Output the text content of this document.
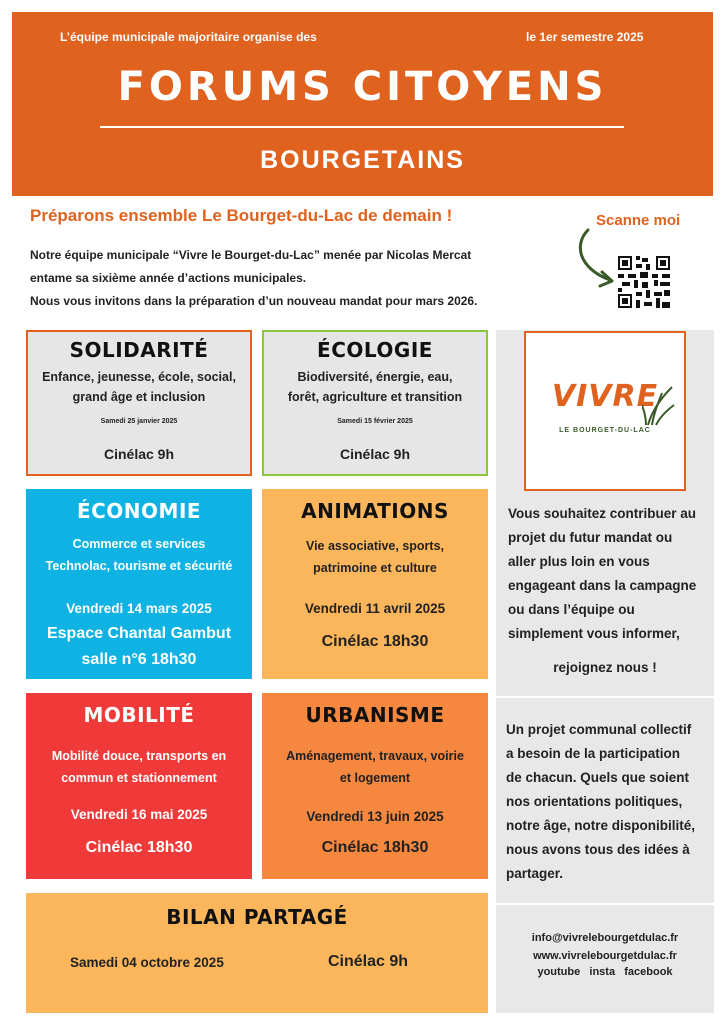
L’équipe municipale majoritaire organise des	le 1er semestre 2025
FORUMS CITOYENS
BOURGETAINS
Préparons ensemble Le Bourget-du-Lac de demain !
Notre équipe municipale “Vivre le Bourget-du-Lac” menée par Nicolas Mercat
entame sa sixième année d’actions municipales.
Nous vous invitons dans la préparation d’un nouveau mandat pour mars 2026.
Scanne moi
VIVRE
LE BOURGET-DU-LAC
Vous souhaitez contribuer au
projet du futur mandat ou
aller plus loin en vous
engageant dans la campagne
ou dans l’équipe ou
simplement vous informer,
rejoignez nous !
Un projet communal collectif
a besoin de la participation
de chacun. Quels que soient
nos orientations politiques,
notre âge, notre disponibilité,
nous avons tous des idées à
partager.
info@vivrelebourgetdulac.fr
www.vivrelebourgetdulac.fr
youtube   insta   facebook
SOLIDARITÉ
Enfance, jeunesse, école, social,
grand âge et inclusion
Samedi 25 janvier 2025
Cinélac 9h
ÉCOLOGIE
Biodiversité, énergie, eau,
forêt, agriculture et transition
Samedi 15 février 2025
Cinélac 9h
ÉCONOMIE
Commerce et services
Technolac, tourisme et sécurité
Vendredi 14 mars 2025
Espace Chantal Gambut
salle n°6 18h30
ANIMATIONS
Vie associative, sports,
patrimoine et culture
Vendredi 11 avril 2025
Cinélac 18h30
MOBILITÉ
Mobilité douce, transports en
commun et stationnement
Vendredi 16 mai 2025
Cinélac 18h30
URBANISME
Aménagement, travaux, voirie
et logement
Vendredi 13 juin 2025
Cinélac 18h30
BILAN PARTAGÉ
Samedi 04 octobre 2025	Cinélac 9h
